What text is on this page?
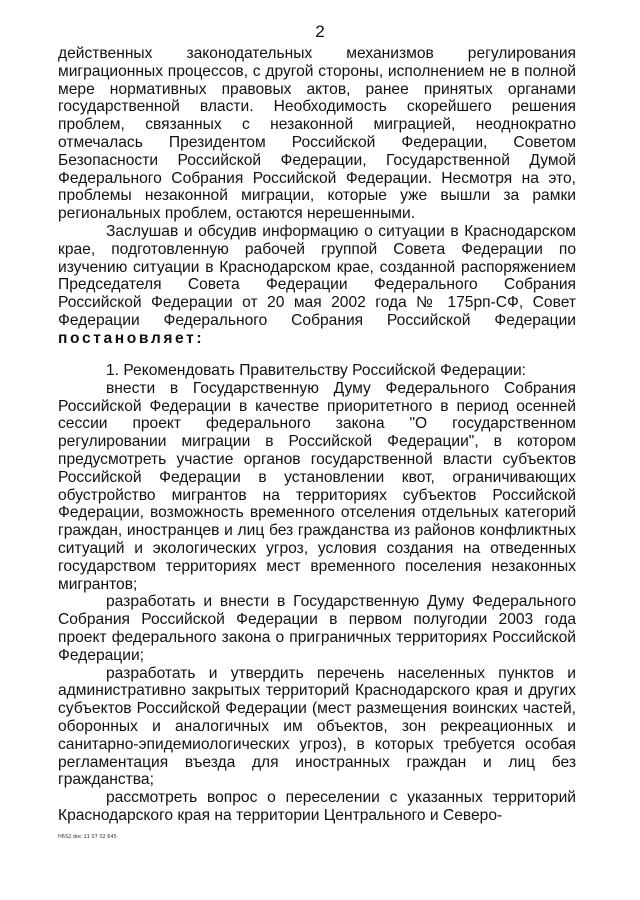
2

действенных законодательных механизмов регулирования миграционных процессов, с другой стороны, исполнением не в полной мере нормативных правовых актов, ранее принятых органами государственной власти. Необходимость скорейшего решения проблем, связанных с незаконной миграцией, неоднократно отмечалась Президентом Российской Федерации, Советом Безопасности Российской Федерации, Государственной Думой Федерального Собрания Российской Федерации. Несмотря на это, проблемы незаконной миграции, которые уже вышли за рамки региональных проблем, остаются нерешенными.

Заслушав и обсудив информацию о ситуации в Краснодарском крае, подготовленную рабочей группой Совета Федерации по изучению ситуации в Краснодарском крае, созданной распоряжением Председателя Совета Федерации Федерального Собрания Российской Федерации от 20 мая 2002 года № 175рп-СФ, Совет Федерации Федерального Собрания Российской Федерации постановляет:

1. Рекомендовать Правительству Российской Федерации:

внести в Государственную Думу Федерального Собрания Российской Федерации в качестве приоритетного в период осенней сессии проект федерального закона "О государственном регулировании миграции в Российской Федерации", в котором предусмотреть участие органов государственной власти субъектов Российской Федерации в установлении квот, ограничивающих обустройство мигрантов на территориях субъектов Российской Федерации, возможность временного отселения отдельных категорий граждан, иностранцев и лиц без гражданства из районов конфликтных ситуаций и экологических угроз, условия создания на отведенных государством территориях мест временного поселения незаконных мигрантов;

разработать и внести в Государственную Думу Федерального Собрания Российской Федерации в первом полугодии 2003 года проект федерального закона о приграничных территориях Российской Федерации;

разработать и утвердить перечень населенных пунктов и административно закрытых территорий Краснодарского края и других субъектов Российской Федерации (мест размещения воинских частей, оборонных и аналогичных им объектов, зон рекреационных и санитарно-эпидемиологических угроз), в которых требуется особая регламентация въезда для иностранных граждан и лиц без гражданства;

рассмотреть вопрос о переселении с указанных территорий Краснодарского края на территории Центрального и Северо-

H6S2 doc 11 07 02 645
